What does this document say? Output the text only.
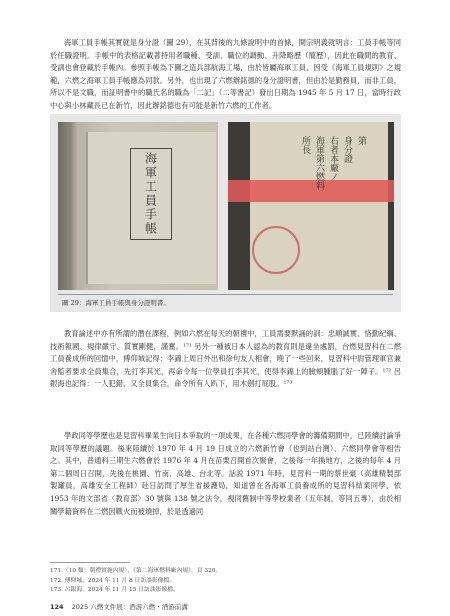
海軍工員手帳其實就是身分證（圖 29），在其背後的九條說明中的首條，開宗明義就明言：工員手帳等同於任職證明。手帳中的表格記載著持用者職種、受訓、職位的調動、升降略歷（簡歷），因此在職間的教育、受訓也會登載於手帳內。參照手帳為下圖之造兵部航海工場，由於皆屬海軍工員，因受《海軍工員規則》之規範，六燃之海軍工員手帳應為同款。另外，也出現了六燃辦銘德的身分證明書，但由於是勤務員，而非工員，所以不是文職，而証明書中的職氏名的職為「二記」（二等書記）發出日期為 1945 年 5 月 17 日，當時行政中心與小林藏長已在新竹，因此辦銘德也有可能是新竹六燃的工作者。

海軍工員手帳
第
身分證
右者本廠ノ
海軍第六燃料
所長
圖 29：海軍工員手帳與身分證明書。

教育論述中亦有所謂的潛在課程，例如六燃在每天的朝禮中，工員需要默誦的訓：忠順誠實、恪勤紀綱、技術報國、規律嚴守、質實剛健，謹奮。¹⁷¹ 另外一種被日本人認為的教育則是違坐處罰，台燃見習科在二燃工員養成所的回憶中，傅仰城記得：李錦上周日外出和徐句友人相會，晚了一些回來，見習科中尉管理軍官兼舍監者要求全員集合，先打李其光，再命令每一位學員打李其光，使得李錦上的臉頰腫脹了好一陣子。¹⁷² 呂銀海也記得：一人犯錯，又全員集合，命令所有人趴下，用木劍打屁股。¹⁷³

學政同等學歷也是見習科畢業生向日本爭取的一項成果，在各種六燃同學會的籌備期間中，已陸續討論爭取同等學歷的議題。後來陸續於 1970 年 4 月 19 日成立的六燃新竹會（也到站台灣）、六燃同學會等相告之。其中，普通科三期生六燃會於 1976 年 4 月在苗栗召開首次聚會，之後每一年換地方，之後的每年 4 月第二個周日召開，先後在桃園、竹南、高雄、台北等。話説 1971 年時，見習科一期的蔡世豪（高雄精製部製罐員，高雄安全工程師）赴日訪問了厚生省援護局，知道曾在各海軍工員養成所的見習科結業同學，依 1953 年的文部省〈教育部〉30 號與 138 號之法令，視同舊制中等學校業者（五年制，等同五專），由於相關學籍資料在二燃因戰火而被燒掉，於是透過同

171.〈10 類：朝禮實施內規〉，《第二海軍燃料廠內規》，頁 320。
172. 傅仰城，2024 年 11 月 8 日訪談影像檔。
173. 呂銀海，2024 年 11 月 15 日訪談影像檔。
124 2025 六燃文件展：酒游六燃・酒游前溝
